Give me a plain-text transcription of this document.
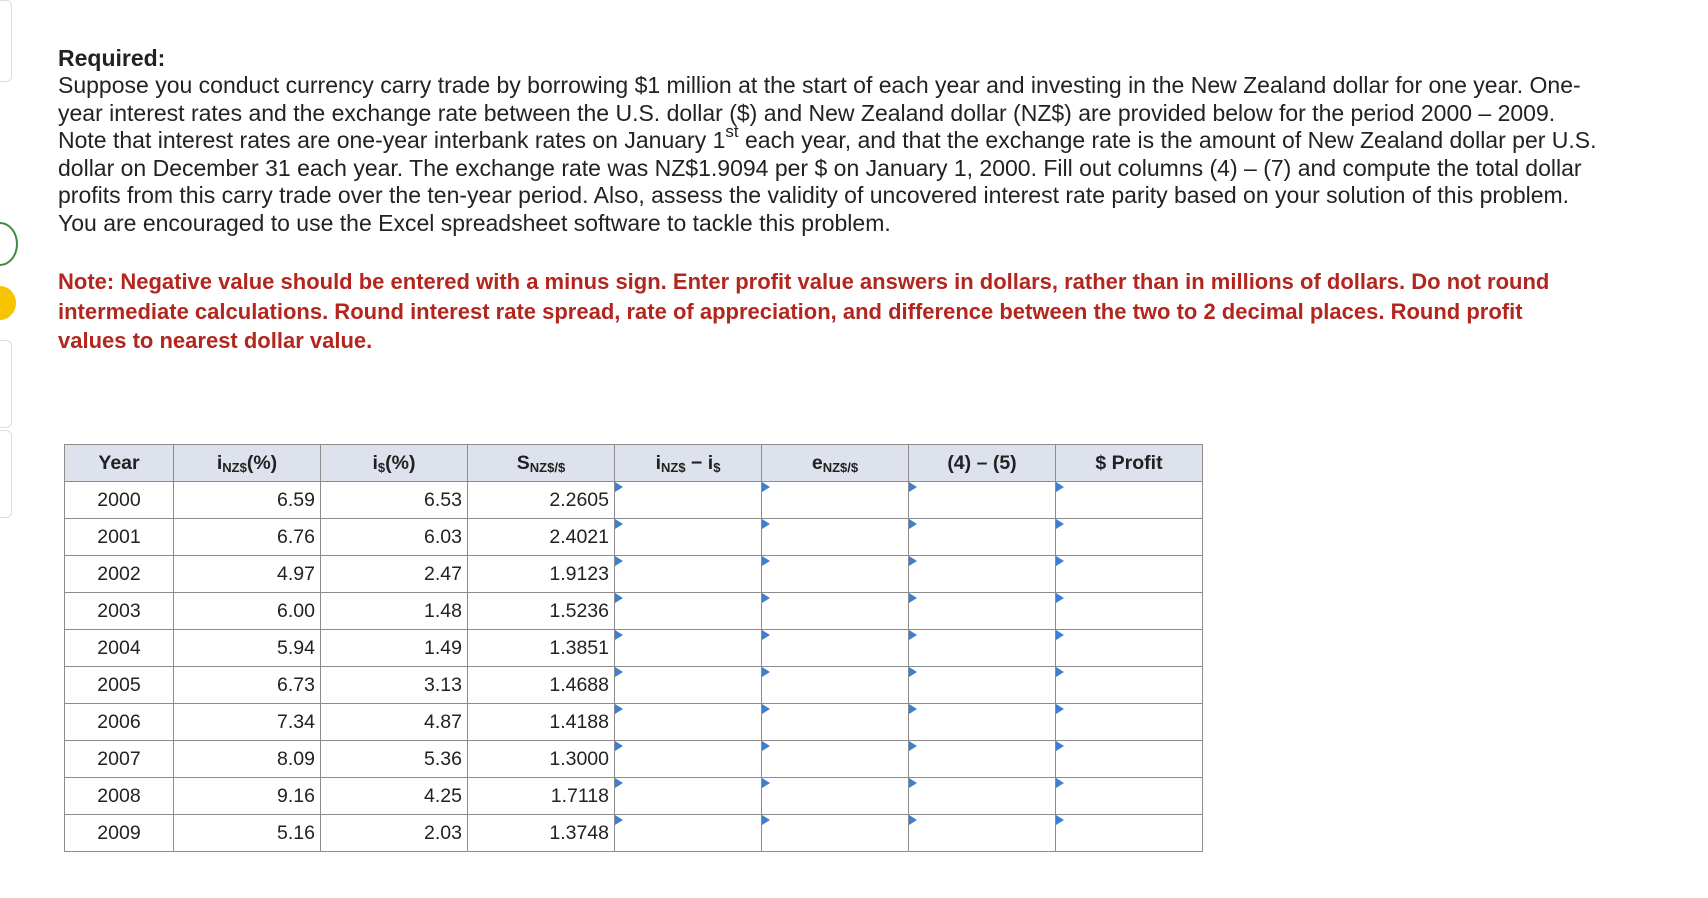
Required:
Suppose you conduct currency carry trade by borrowing $1 million at the start of each year and investing in the New Zealand dollar for one year. One-year interest rates and the exchange rate between the U.S. dollar ($) and New Zealand dollar (NZ$) are provided below for the period 2000 – 2009. Note that interest rates are one-year interbank rates on January 1st each year, and that the exchange rate is the amount of New Zealand dollar per U.S. dollar on December 31 each year. The exchange rate was NZ$1.9094 per $ on January 1, 2000. Fill out columns (4) – (7) and compute the total dollar profits from this carry trade over the ten-year period. Also, assess the validity of uncovered interest rate parity based on your solution of this problem. You are encouraged to use the Excel spreadsheet software to tackle this problem.
Note: Negative value should be entered with a minus sign. Enter profit value answers in dollars, rather than in millions of dollars. Do not round intermediate calculations. Round interest rate spread, rate of appreciation, and difference between the two to 2 decimal places. Round profit values to nearest dollar value.
Year	$i_{NZ\$}(\%)$	$i_{\$}(\%)$	$S_{NZ\$/\$}$	$i_{NZ\$} - i_{\$}$	$e_{NZ\$/\$}$	(4) – (5)	$ Profit
2000	6.59	6.53	2.2605	

2001	6.76	6.03	2.4021	

2002	4.97	2.47	1.9123	

2003	6.00	1.48	1.5236	

2004	5.94	1.49	1.3851	

2005	6.73	3.13	1.4688	

2006	7.34	4.87	1.4188	

2007	8.09	5.36	1.3000	

2008	9.16	4.25	1.7118	

2009	5.16	2.03	1.3748	
